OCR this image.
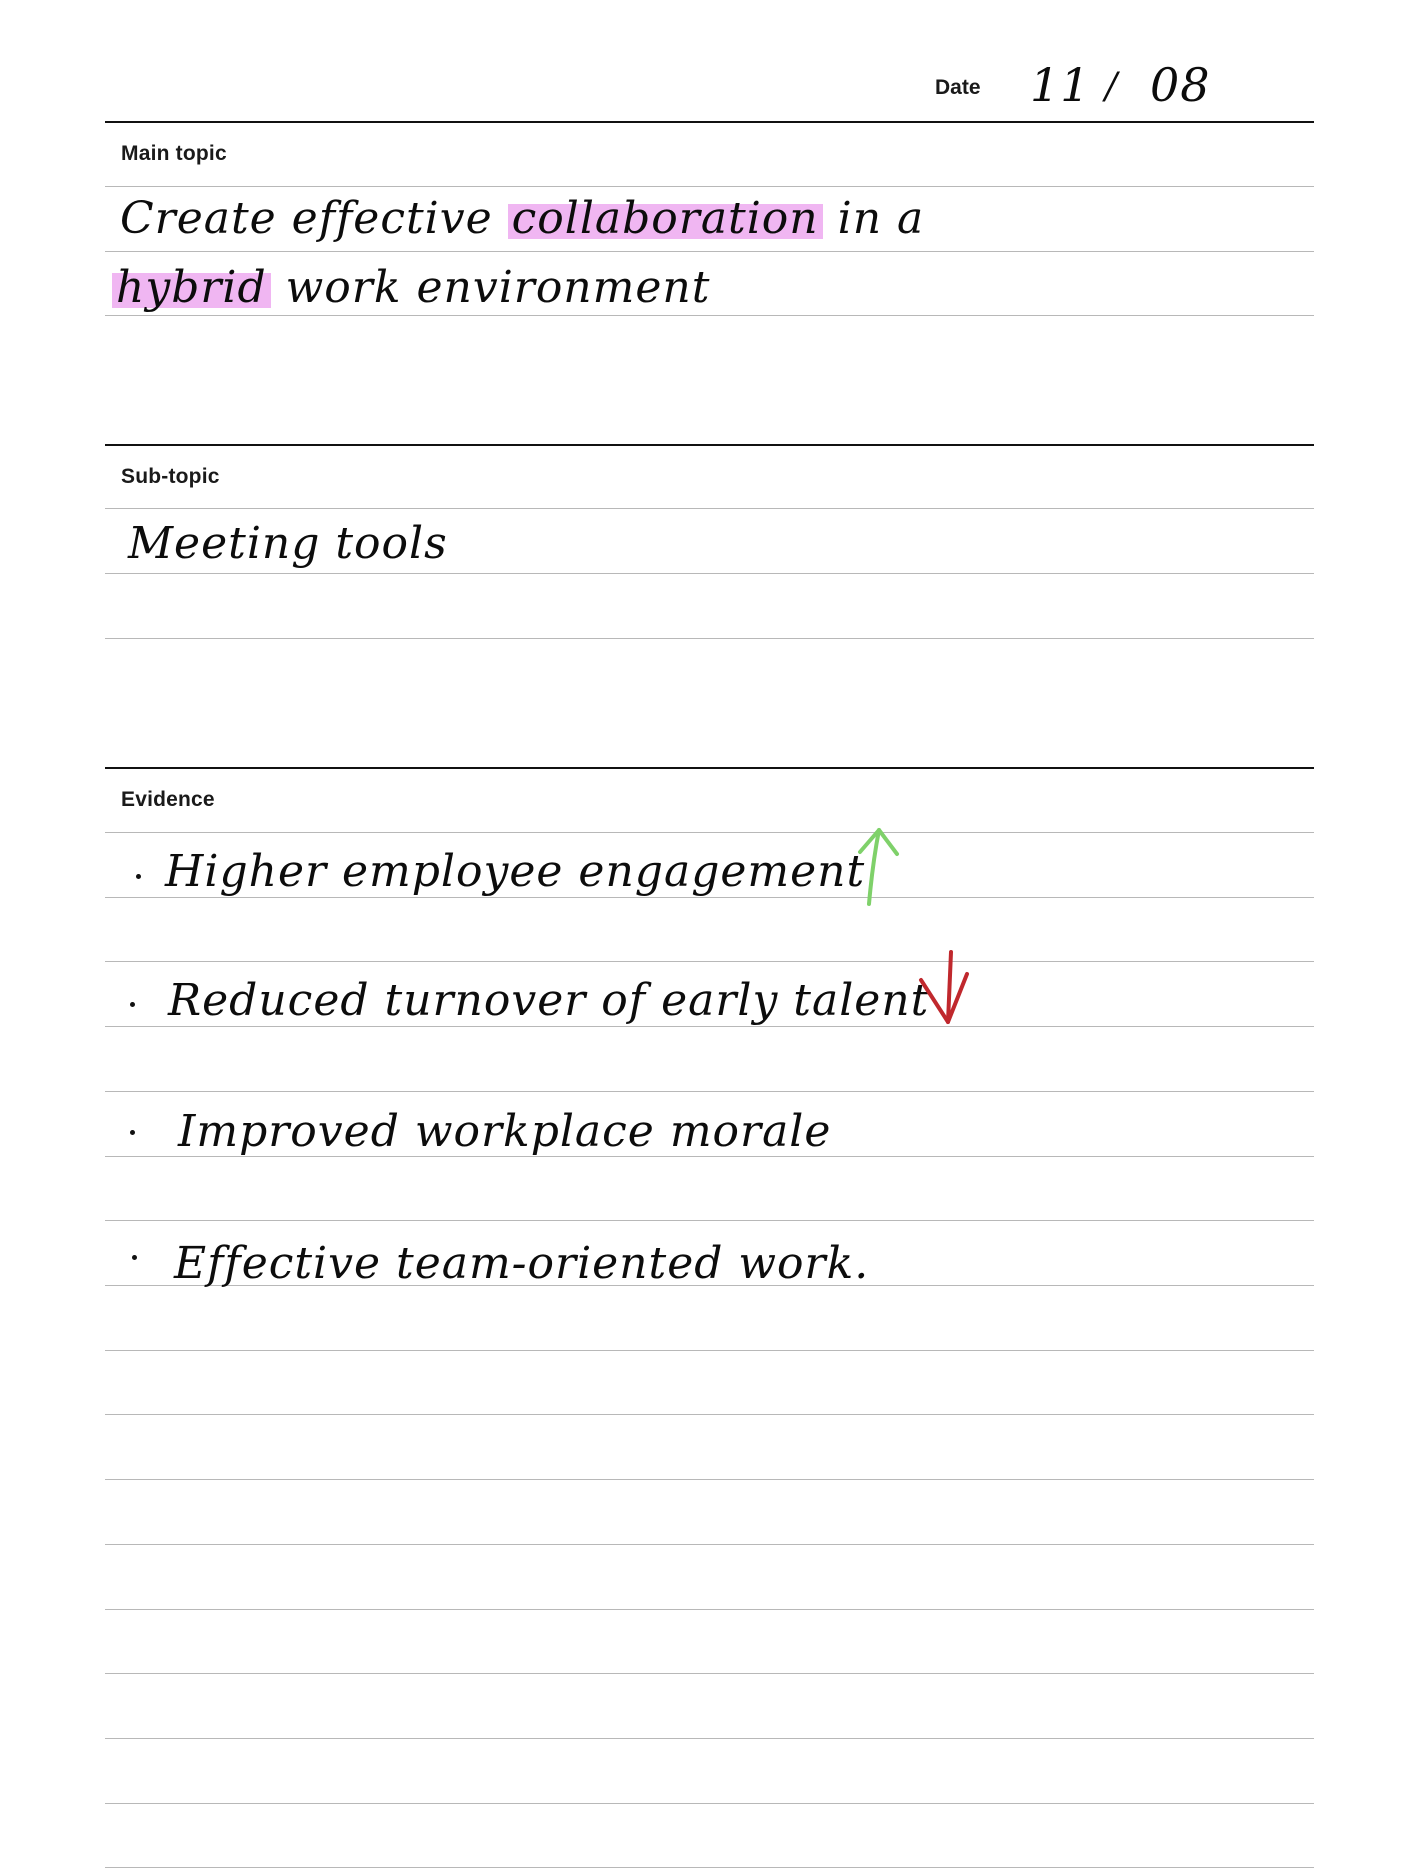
Date 11 / 08
Main topic
Create effective collaboration in a
hybrid work environment
Sub-topic
Meeting tools
Evidence
Higher employee engagement
Reduced turnover of early talent
Improved workplace morale
Effective team-oriented work.
